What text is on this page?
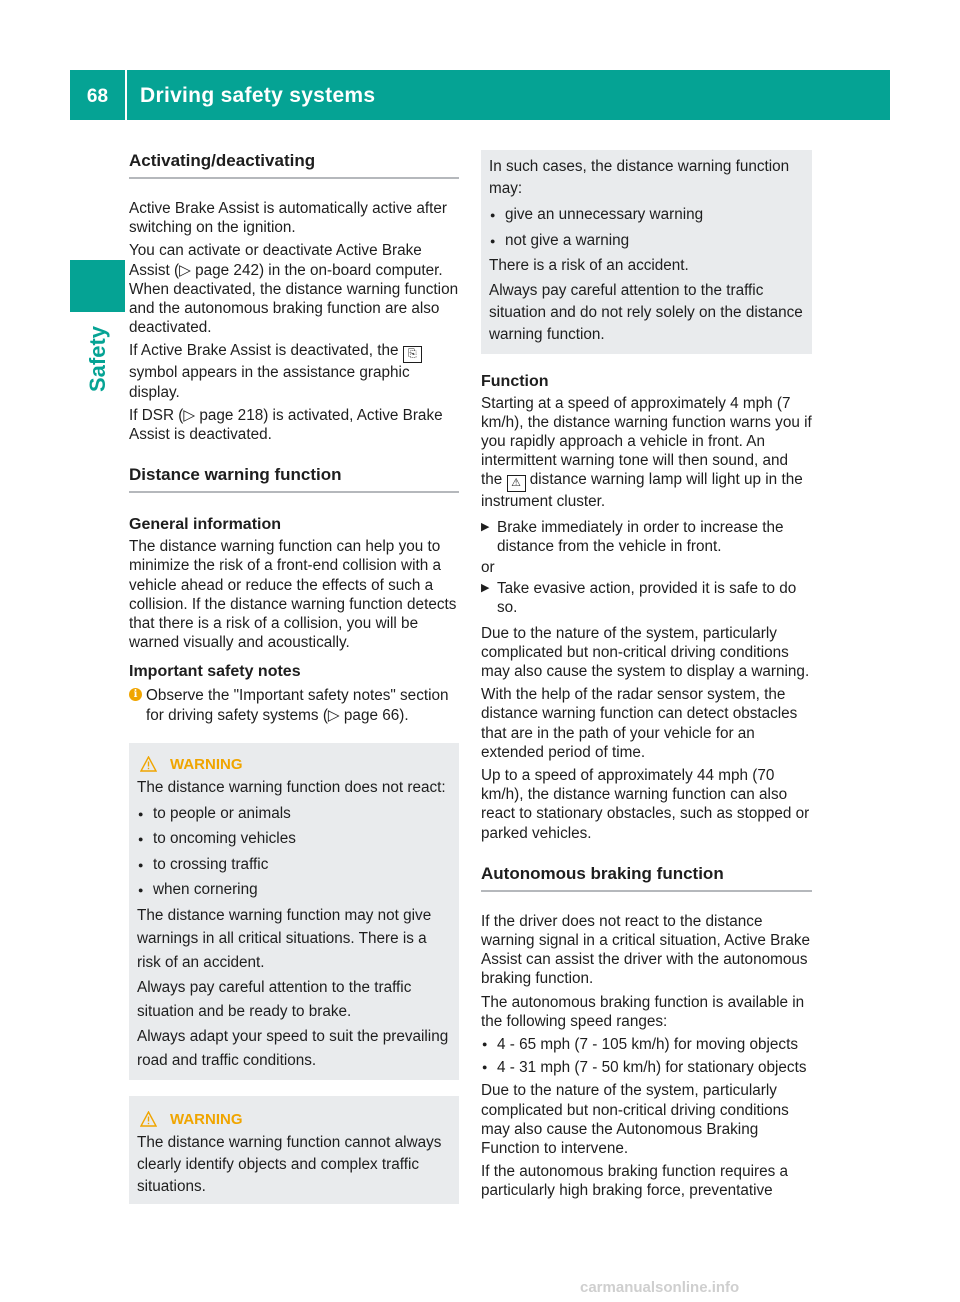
68	Driving safety systems
Safety
Activating/deactivating

Active Brake Assist is automatically active after switching on the ignition.

You can activate or deactivate Active Brake Assist (▷ page 242) in the on-board computer. When deactivated, the distance warning function and the autonomous braking function are also deactivated.

If Active Brake Assist is deactivated, the ⎘ symbol appears in the assistance graphic display.

If DSR (▷ page 218) is activated, Active Brake Assist is deactivated.

Distance warning function
General information

The distance warning function can help you to minimize the risk of a front-end collision with a vehicle ahead or reduce the effects of such a collision. If the distance warning function detects that there is a risk of a collision, you will be warned visually and acoustically.

Important safety notes
i Observe the "Important safety notes" section for driving safety systems (▷ page 66).
WARNING
The distance warning function does not react:
● to people or animals
● to oncoming vehicles
● to crossing traffic
● when cornering
The distance warning function may not give warnings in all critical situations. There is a risk of an accident.
Always pay careful attention to the traffic situation and be ready to brake.
Always adapt your speed to suit the prevailing road and traffic conditions.
WARNING
The distance warning function cannot always clearly identify objects and complex traffic situations.
In such cases, the distance warning function may:
● give an unnecessary warning
● not give a warning
There is a risk of an accident.
Always pay careful attention to the traffic situation and do not rely solely on the distance warning function.
Function

Starting at a speed of approximately 4 mph (7 km/h), the distance warning function warns you if you rapidly approach a vehicle in front. An intermittent warning tone will then sound, and the ⚠ distance warning lamp will light up in the instrument cluster.

▶ Brake immediately in order to increase the distance from the vehicle in front.

or

▶ Take evasive action, provided it is safe to do so.

Due to the nature of the system, particularly complicated but non-critical driving conditions may also cause the system to display a warning.

With the help of the radar sensor system, the distance warning function can detect obstacles that are in the path of your vehicle for an extended period of time.

Up to a speed of approximately 44 mph (70 km/h), the distance warning function can also react to stationary obstacles, such as stopped or parked vehicles.

Autonomous braking function

If the driver does not react to the distance warning signal in a critical situation, Active Brake Assist can assist the driver with the autonomous braking function.

The autonomous braking function is available in the following speed ranges:

● 4 - 65 mph (7 - 105 km/h) for moving objects
● 4 - 31 mph (7 - 50 km/h) for stationary objects

Due to the nature of the system, particularly complicated but non-critical driving conditions may also cause the Autonomous Braking Function to intervene.

If the autonomous braking function requires a particularly high braking force, preventative

carmanualsonline.info
